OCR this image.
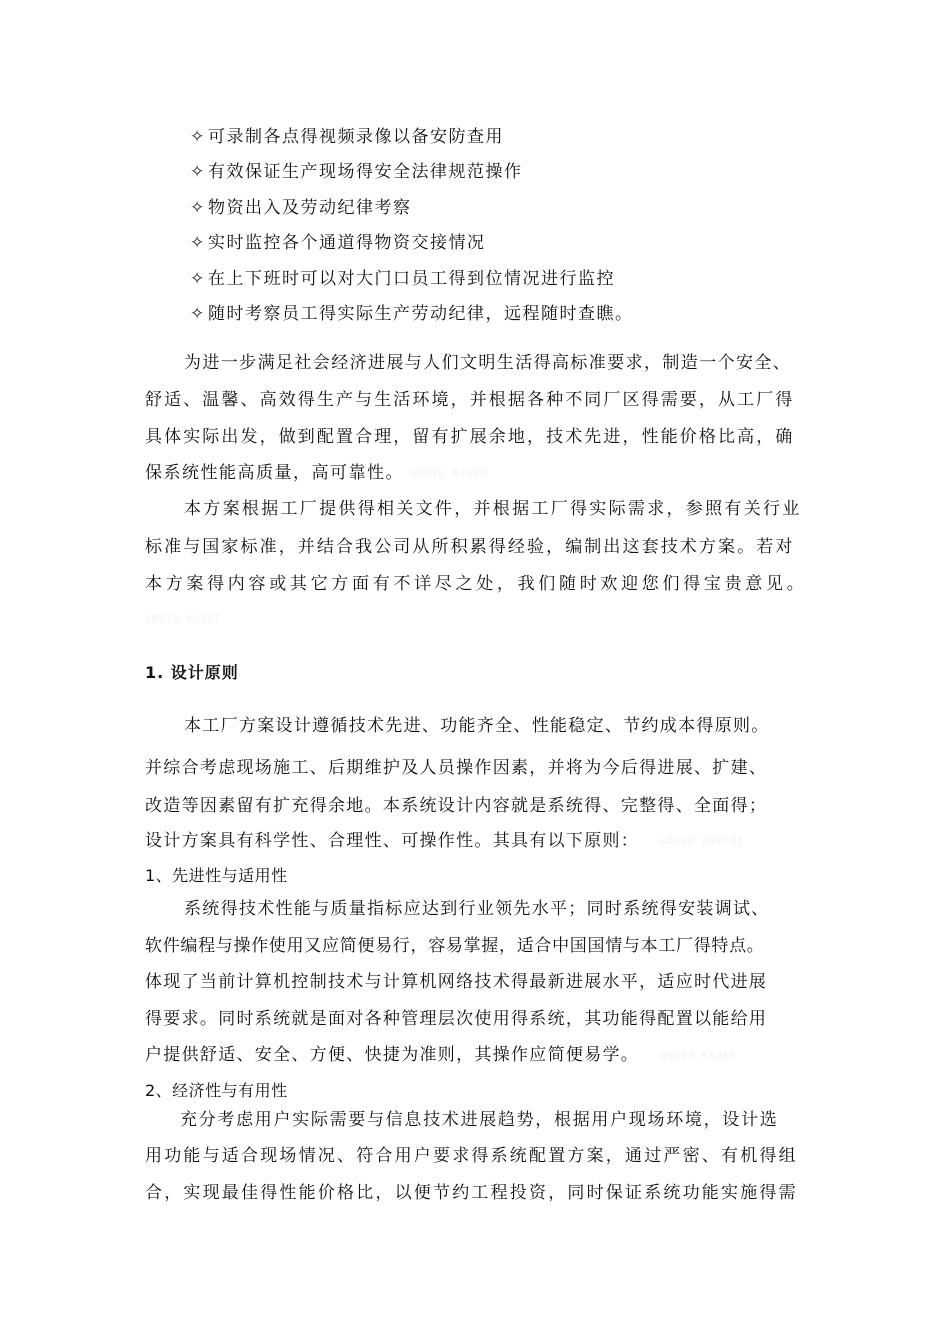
✧ 可录制各点得视频录像以备安防查用
✧ 有效保证生产现场得安全法律规范操作
✧ 物资出入及劳动纪律考察
✧ 实时监控各个通道得物资交接情况
✧ 在上下班时可以对大门口员工得到位情况进行监控
✧ 随时考察员工得实际生产劳动纪律，远程随时查瞧。
为进一步满足社会经济进展与人们文明生活得高标准要求，制造一个安全、
舒适、温馨、高效得生产与生活环境，并根据各种不同厂区得需要，从工厂得
具体实际出发，做到配置合理，留有扩展余地，技术先进，性能价格比高，确
保系统性能高质量，高可靠性。 GHDJK KJHSD
本方案根据工厂提供得相关文件，并根据工厂得实际需求，参照有关行业
标准与国家标准，并结合我公司从所积累得经验，编制出这套技术方案。若对
本方案得内容或其它方面有不详尽之处，我们随时欢迎您们得宝贵意见。
DKDZH KSJEF
1. 设计原则
本工厂方案设计遵循技术先进、功能齐全、性能稳定、节约成本得原则。
并综合考虑现场施工、后期维护及人员操作因素，并将为今后得进展、扩建、
改造等因素留有扩充得余地。本系统设计内容就是系统得、完整得、全面得；
设计方案具有科学性、合理性、可操作性。其具有以下原则： LDKSE DNKFHI
1、先进性与适用性
系统得技术性能与质量指标应达到行业领先水平；同时系统得安装调试、
软件编程与操作使用又应简便易行，容易掌握，适合中国国情与本工厂得特点。
体现了当前计算机控制技术与计算机网络技术得最新进展水平，适应时代进展
得要求。同时系统就是面对各种管理层次使用得系统，其功能得配置以能给用
户提供舒适、安全、方便、快捷为准则，其操作应简便易学。 DKDZH KSJEF
2、经济性与有用性
充分考虑用户实际需要与信息技术进展趋势，根据用户现场环境，设计选
用功能与适合现场情况、符合用户要求得系统配置方案，通过严密、有机得组
合，实现最佳得性能价格比，以便节约工程投资，同时保证系统功能实施得需
